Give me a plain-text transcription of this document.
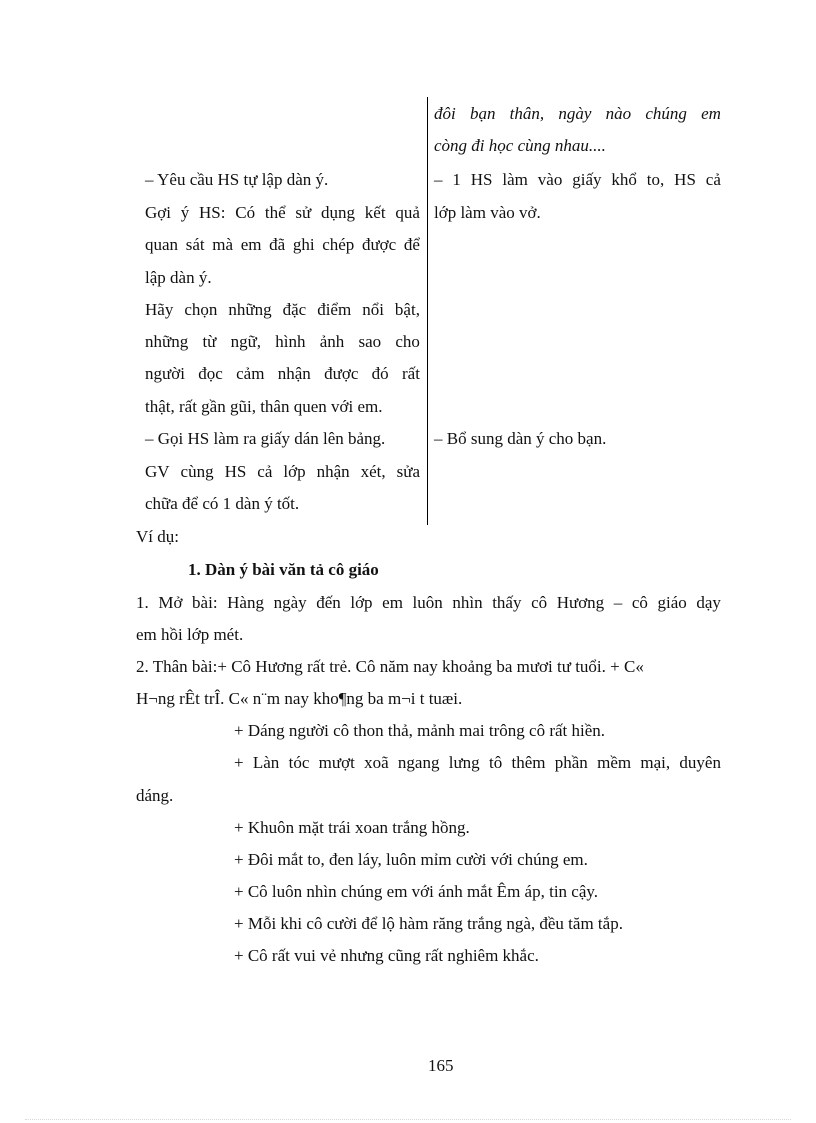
đôi bạn thân, ngày nào chúng em
còng đi học cùng nhau....
– Yêu cầu HS tự lập dàn ý.	– 1 HS làm vào giấy khổ to, HS cả
Gợi ý HS: Có thể sử dụng kết quả lớp làm vào vở.
quan sát mà em đã ghi chép được để
lập dàn ý.
Hãy chọn những đặc điểm nổi bật,
những từ ngữ, hình ảnh sao cho
người đọc cảm nhận được đó rất
thật, rất gần gũi, thân quen với em.
– Gọi HS làm ra giấy dán lên bảng.	– Bổ sung dàn ý cho bạn.
GV cùng HS cả lớp nhận xét, sửa
chữa để có 1 dàn ý tốt.
Ví dụ:
1. Dàn ý bài văn tả cô giáo
1. Mở bài: Hàng ngày đến lớp em luôn nhìn thấy cô Hương – cô giáo dạy
em hồi lớp mét.
2. Thân bài:+ Cô Hương rất trẻ. Cô năm nay khoảng ba mươi tư tuổi. + C«
H¬ng rÊt trÎ. C« n¨m nay kho¶ng ba m¬i t tuæi.
+ Dáng người cô thon thả, mảnh mai trông cô rất hiền.
+ Làn tóc mượt xoã ngang lưng tô thêm phần mềm mại, duyên
dáng.
+ Khuôn mặt trái xoan trắng hồng.
+ Đôi mắt to, đen láy, luôn mỉm cười với chúng em.
+ Cô luôn nhìn chúng em với ánh mắt Êm áp, tin cậy.
+ Mỗi khi cô cười để lộ hàm răng trắng ngà, đều tăm tắp.
+ Cô rất vui vẻ nhưng cũng rất nghiêm khắc.
165
